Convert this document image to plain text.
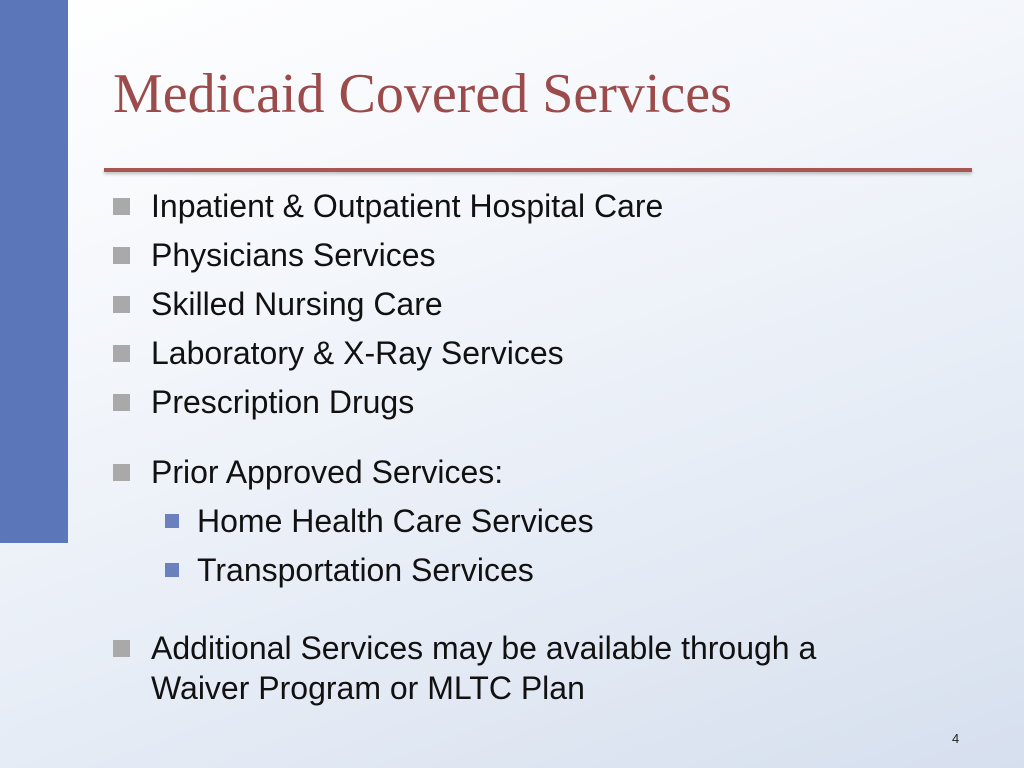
Medicaid Covered Services
Inpatient & Outpatient Hospital Care
Physicians Services
Skilled Nursing Care
Laboratory & X-Ray Services
Prescription Drugs
Prior Approved Services:
Home Health Care Services
Transportation Services
Additional Services may be available through a
Waiver Program or MLTC Plan
4
